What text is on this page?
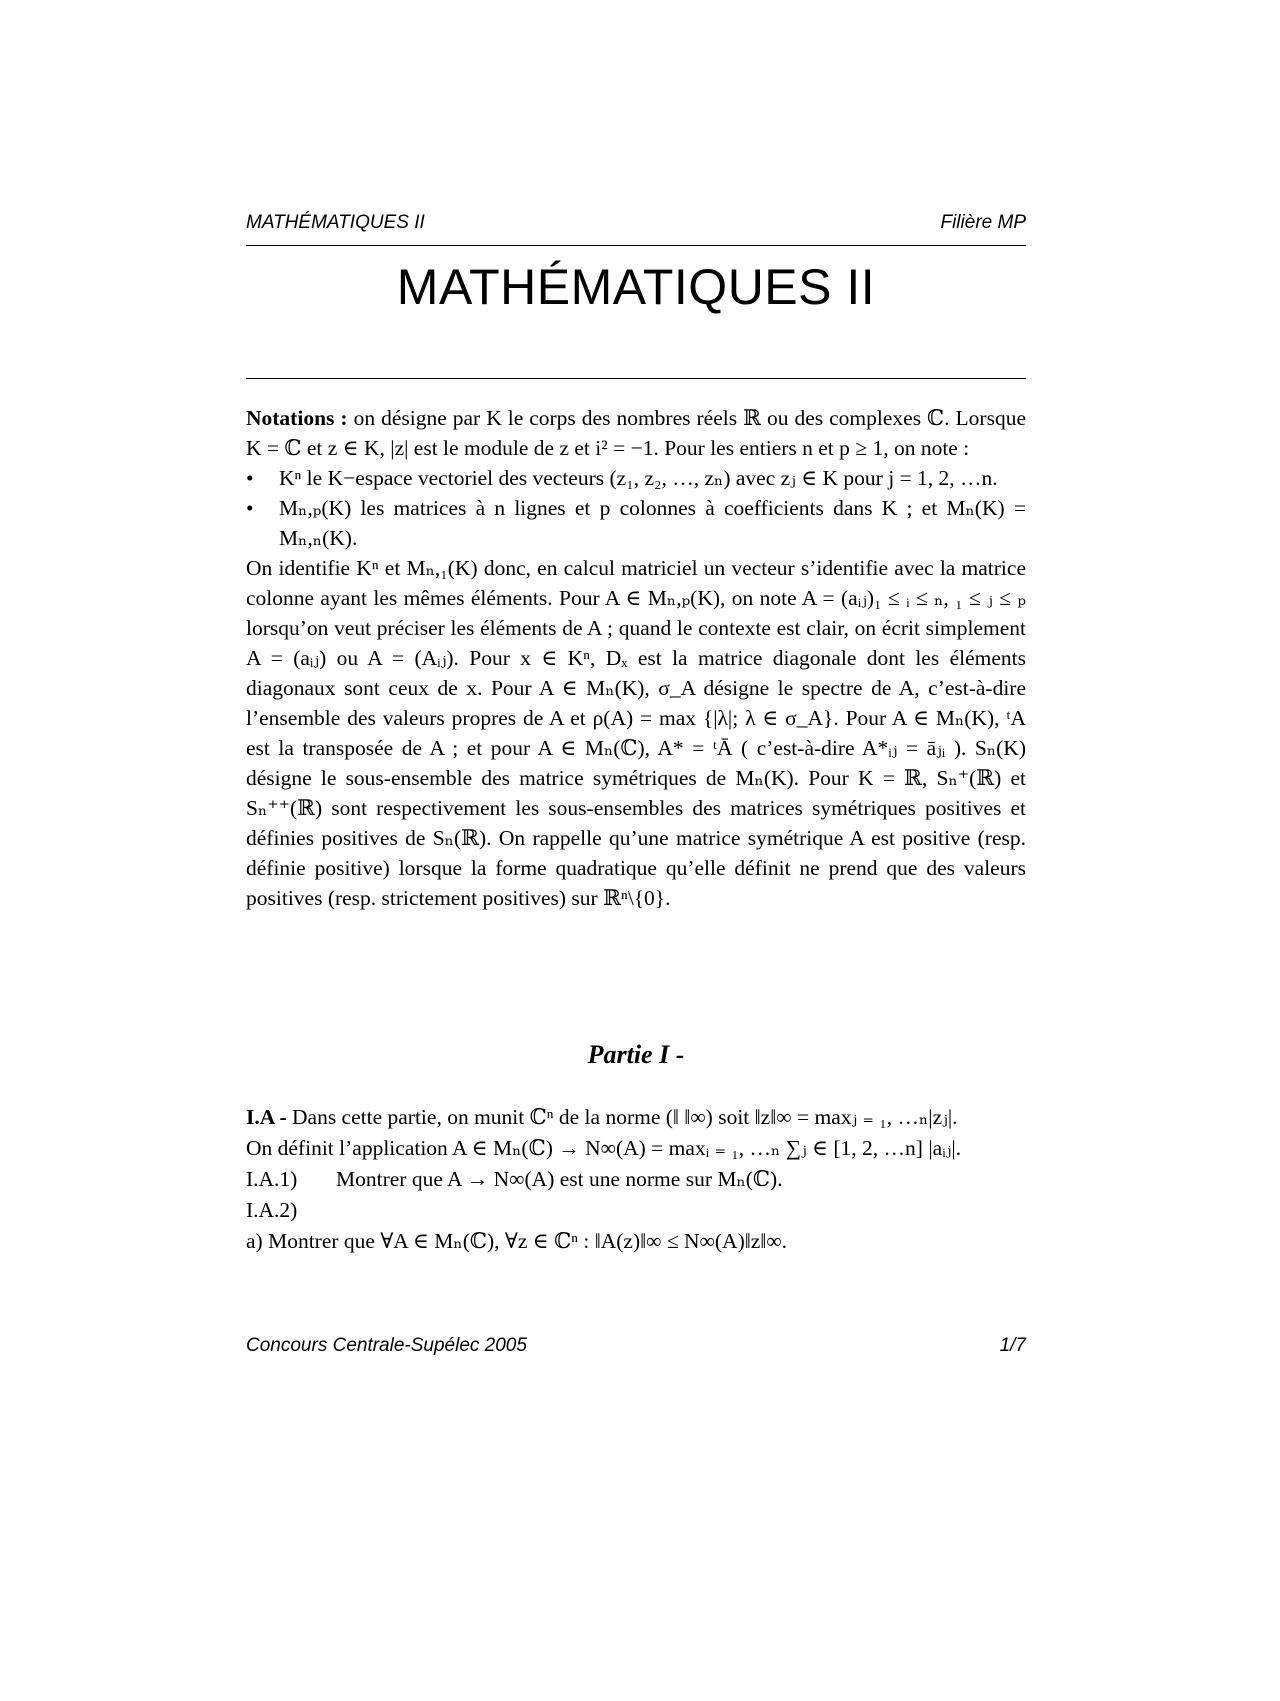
MATHÉMATIQUES II	Filière MP
MATHÉMATIQUES II

Notations : on désigne par K le corps des nombres réels ℝ ou des complexes ℂ. Lorsque K = ℂ et z ∈ K, |z| est le module de z et i² = −1. Pour les entiers n et p ≥ 1, on note :

• Kⁿ le K−espace vectoriel des vecteurs (z₁, z₂, …, zₙ) avec zⱼ ∈ K pour j = 1, 2, …n.
• Mₙ,ₚ(K) les matrices à n lignes et p colonnes à coefficients dans K ; et Mₙ(K) = Mₙ,ₙ(K).

On identifie Kⁿ et Mₙ,₁(K) donc, en calcul matriciel un vecteur s’identifie avec la matrice colonne ayant les mêmes éléments. Pour A ∈ Mₙ,ₚ(K), on note A = (aᵢⱼ)₁ ≤ ᵢ ≤ ₙ, ₁ ≤ ⱼ ≤ ₚ lorsqu’on veut préciser les éléments de A ; quand le contexte est clair, on écrit simplement A = (aᵢⱼ) ou A = (Aᵢⱼ). Pour x ∈ Kⁿ, Dₓ est la matrice diagonale dont les éléments diagonaux sont ceux de x. Pour A ∈ Mₙ(K), σ_A désigne le spectre de A, c’est-à-dire l’ensemble des valeurs propres de A et ρ(A) = max {|λ|; λ ∈ σ_A}. Pour A ∈ Mₙ(K), ᵗA est la transposée de A ; et pour A ∈ Mₙ(ℂ), A* = ᵗĀ ( c’est-à-dire A*ᵢⱼ = āⱼᵢ ). Sₙ(K) désigne le sous-ensemble des matrice symétriques de Mₙ(K). Pour K = ℝ, Sₙ⁺(ℝ) et Sₙ⁺⁺(ℝ) sont respectivement les sous-ensembles des matrices symétriques positives et définies positives de Sₙ(ℝ). On rappelle qu’une matrice symétrique A est positive (resp. définie positive) lorsque la forme quadratique qu’elle définit ne prend que des valeurs positives (resp. strictement positives) sur ℝⁿ\{0}.

Partie I -

I.A - Dans cette partie, on munit ℂⁿ de la norme (‖ ‖∞) soit ‖z‖∞ = maxⱼ ₌ ₁, …ₙ|zⱼ|.

On définit l’application A ∈ Mₙ(ℂ) → N∞(A) = maxᵢ ₌ ₁, …ₙ ∑ⱼ ∈ [1, 2, …n] |aᵢⱼ|.

I.A.1) Montrer que A → N∞(A) est une norme sur Mₙ(ℂ).

I.A.2)

a) Montrer que ∀A ∈ Mₙ(ℂ), ∀z ∈ ℂⁿ : ‖A(z)‖∞ ≤ N∞(A)‖z‖∞.

Concours Centrale-Supélec 2005	1/7
